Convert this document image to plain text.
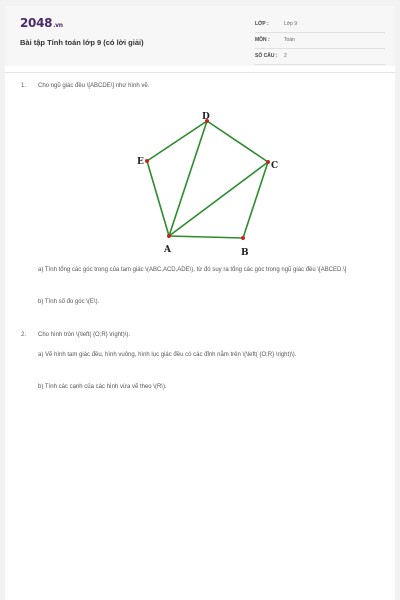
2048.vn
Bài tập Tính toán lớp 9 (có lời giải)
LỚP :	Lớp 9
MÔN :	Toán
SỐ CÂU : 2
1. Cho ngũ giác đều \[ABCDE\] như hình vẽ.
A	B
C
D
E
a) Tính tổng các góc trong của tam giác \(ABC,ACD,ADE\), từ đó suy ra tổng các góc trong ngũ giác đều \[ABCED.\]
b) Tính số đo góc \(E\).
2. Cho hình tròn \(\left( {O;R} \right)\).
a) Vẽ hình tam giác đều, hình vuông, hình lục giác đều có các đỉnh nằm trên \(\left( {O;R} \right)\).
b) Tính các cạnh của các hình vừa vẽ theo \(R\).
